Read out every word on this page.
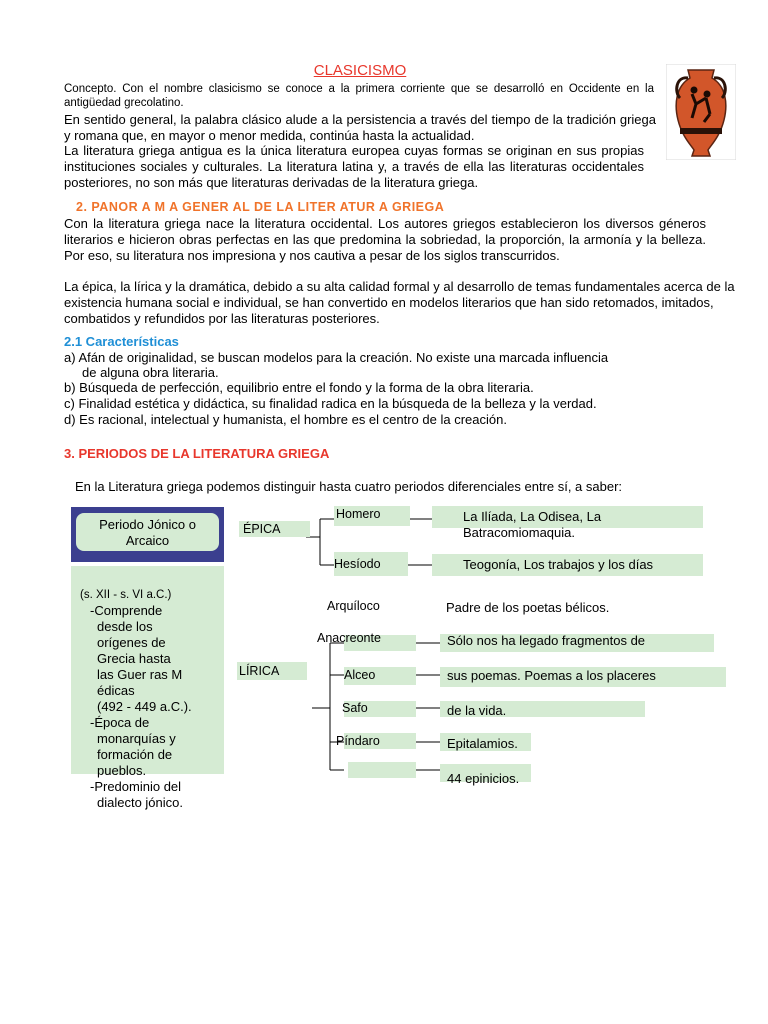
CLASICISMO

Concepto. Con el nombre clasicismo se conoce a la primera corriente que se desarrolló en Occidente en la antigüedad grecolatino.

En sentido general, la palabra clásico alude a la persistencia a través del tiempo de la tradición griega y romana que, en mayor o menor medida, continúa hasta la actualidad.

La literatura griega antigua es la única literatura europea cuyas formas se originan en sus propias instituciones sociales y culturales. La literatura latina y, a través de ella las literaturas occidentales posteriores, no son más que literaturas derivadas de la literatura griega.

2. PANOR A M A GENER AL DE LA LITER ATUR A GRIEGA

Con la literatura griega nace la literatura occidental. Los autores griegos establecieron los diversos géneros literarios e hicieron obras perfectas en las que predomina la sobriedad, la proporción, la armonía y la belleza. Por eso, su literatura nos impresiona y nos cautiva a pesar de los siglos transcurridos.

La épica, la lírica y la dramática, debido a su alta calidad formal y al desarrollo de temas fundamentales acerca de la existencia humana social e individual, se han convertido en modelos literarios que han sido retomados, imitados, combatidos y refundidos por las literaturas posteriores.

2.1 Características
a) Afán de originalidad, se buscan modelos para la creación. No existe una marcada influencia
de alguna obra literaria.
b) Búsqueda de perfección, equilibrio entre el fondo y la forma de la obra literaria.
c) Finalidad estética y didáctica, su finalidad radica en la búsqueda de la belleza y la verdad.
d) Es racional, intelectual y humanista, el hombre es el centro de la creación.
3. PERIODOS DE LA LITERATURA GRIEGA
En la Literatura griega podemos distinguir hasta cuatro periodos diferenciales entre sí, a saber:
Periodo Jónico o
Arcaico
(s. XII - s. VI a.C.)
-Comprende
desde los
orígenes de
Grecia hasta
las Guer ras M
édicas
(492 - 449 a.C.).
-Época de
monarquías y
formación de
pueblos.
-Predominio del
dialecto jónico.
ÉPICA
Homero	La Ilíada, La Odisea, La
Batracomiomaquia.
Hesíodo	Teogonía, Los trabajos y los días
Arquíloco	Padre de los poetas bélicos.
LÍRICA
Anacreonte	Sólo nos ha legado fragmentos de
Alceo	sus poemas. Poemas a los placeres
Safo	de la vida.
Píndaro	Epitalamios.
44 epinicios.
